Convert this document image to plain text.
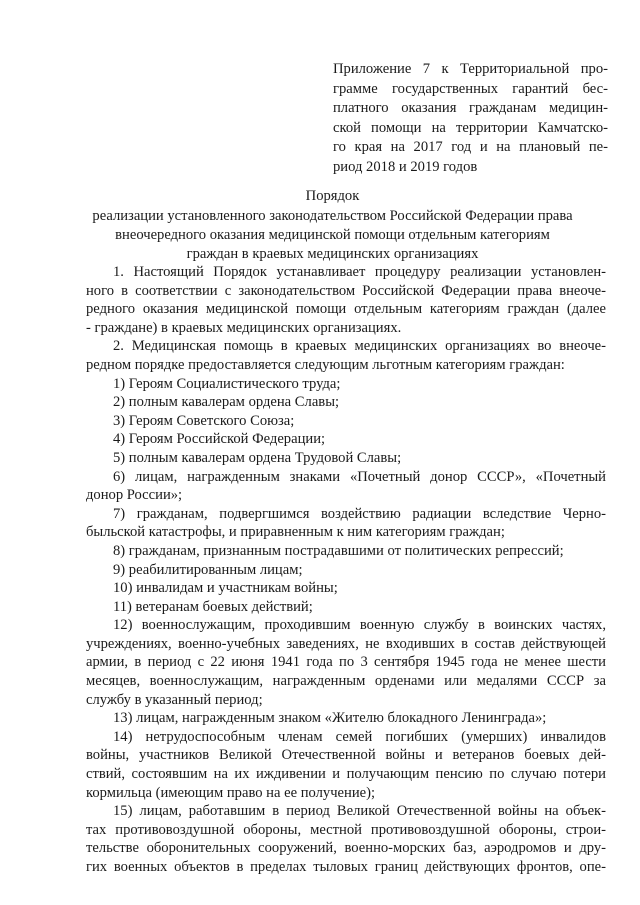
Приложение 7 к Территориальной про-
грамме государственных гарантий бес-
платного оказания гражданам медицин-
ской помощи на территории Камчатско-
го края на 2017 год и на плановый пе-
риод 2018 и 2019 годов
Порядок
реализации установленного законодательством Российской Федерации права
внеочередного оказания медицинской помощи отдельным категориям
граждан в краевых медицинских организациях
1. Настоящий Порядок устанавливает процедуру реализации установлен-
ного в соответствии с законодательством Российской Федерации права внеоче-
редного оказания медицинской помощи отдельным категориям граждан (далее
- граждане) в краевых медицинских организациях.
2. Медицинская помощь в краевых медицинских организациях во внеоче-
редном порядке предоставляется следующим льготным категориям граждан:
1) Героям Социалистического труда;
2) полным кавалерам ордена Славы;
3) Героям Советского Союза;
4) Героям Российской Федерации;
5) полным кавалерам ордена Трудовой Славы;
6) лицам, награжденным знаками «Почетный донор СССР», «Почетный
донор России»;
7) гражданам, подвергшимся воздействию радиации вследствие Черно-
быльской катастрофы, и приравненным к ним категориям граждан;
8) гражданам, признанным пострадавшими от политических репрессий;
9) реабилитированным лицам;
10) инвалидам и участникам войны;
11) ветеранам боевых действий;
12) военнослужащим, проходившим военную службу в воинских частях,
учреждениях, военно-учебных заведениях, не входивших в состав действующей
армии, в период с 22 июня 1941 года по 3 сентября 1945 года не менее шести
месяцев, военнослужащим, награжденным орденами или медалями СССР за
службу в указанный период;
13) лицам, награжденным знаком «Жителю блокадного Ленинграда»;
14) нетрудоспособным членам семей погибших (умерших) инвалидов
войны, участников Великой Отечественной войны и ветеранов боевых дей-
ствий, состоявшим на их иждивении и получающим пенсию по случаю потери
кормильца (имеющим право на ее получение);
15) лицам, работавшим в период Великой Отечественной войны на объек-
тах противовоздушной обороны, местной противовоздушной обороны, строи-
тельстве оборонительных сооружений, военно-морских баз, аэродромов и дру-
гих военных объектов в пределах тыловых границ действующих фронтов, опе-
